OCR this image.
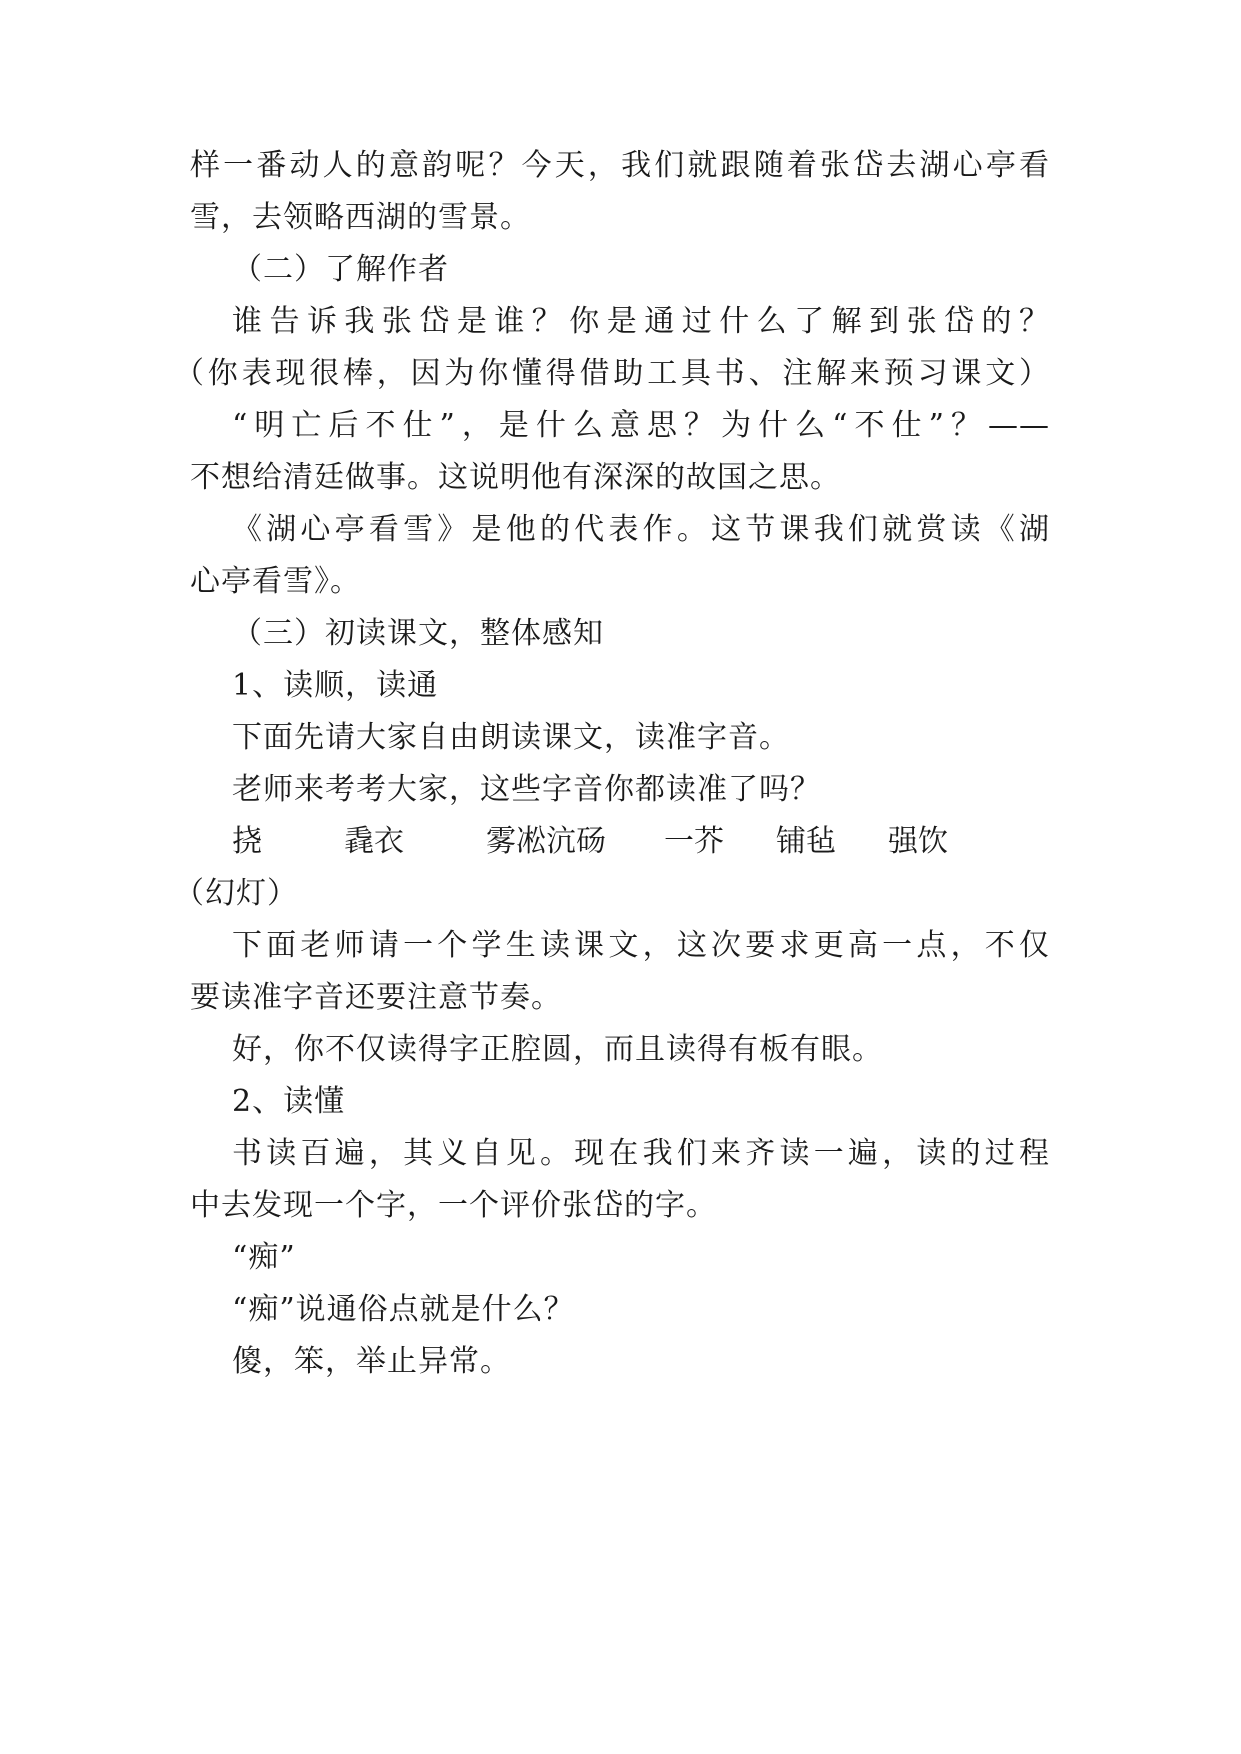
样一番动人的意韵呢？今天，我们就跟随着张岱去湖心亭看
雪，去领略西湖的雪景。
（二）了解作者
谁告诉我张岱是谁？你是通过什么了解到张岱的？
（你表现很棒，因为你懂得借助工具书、注解来预习课文）
“明亡后不仕”，是什么意思？为什么“不仕”？——
不想给清廷做事。这说明他有深深的故国之思。
《湖心亭看雪》是他的代表作。这节课我们就赏读《湖
心亭看雪》。
（三）初读课文，整体感知
1、读顺，读通
下面先请大家自由朗读课文，读准字音。
老师来考考大家，这些字音你都读准了吗？
挠	毳衣	雾凇沆砀 一芥 铺毡 强饮
（幻灯）
下面老师请一个学生读课文，这次要求更高一点，不仅
要读准字音还要注意节奏。
好，你不仅读得字正腔圆，而且读得有板有眼。
2、读懂
书读百遍，其义自见。现在我们来齐读一遍，读的过程
中去发现一个字，一个评价张岱的字。
“痴”
“痴”说通俗点就是什么？
傻，笨，举止异常。
